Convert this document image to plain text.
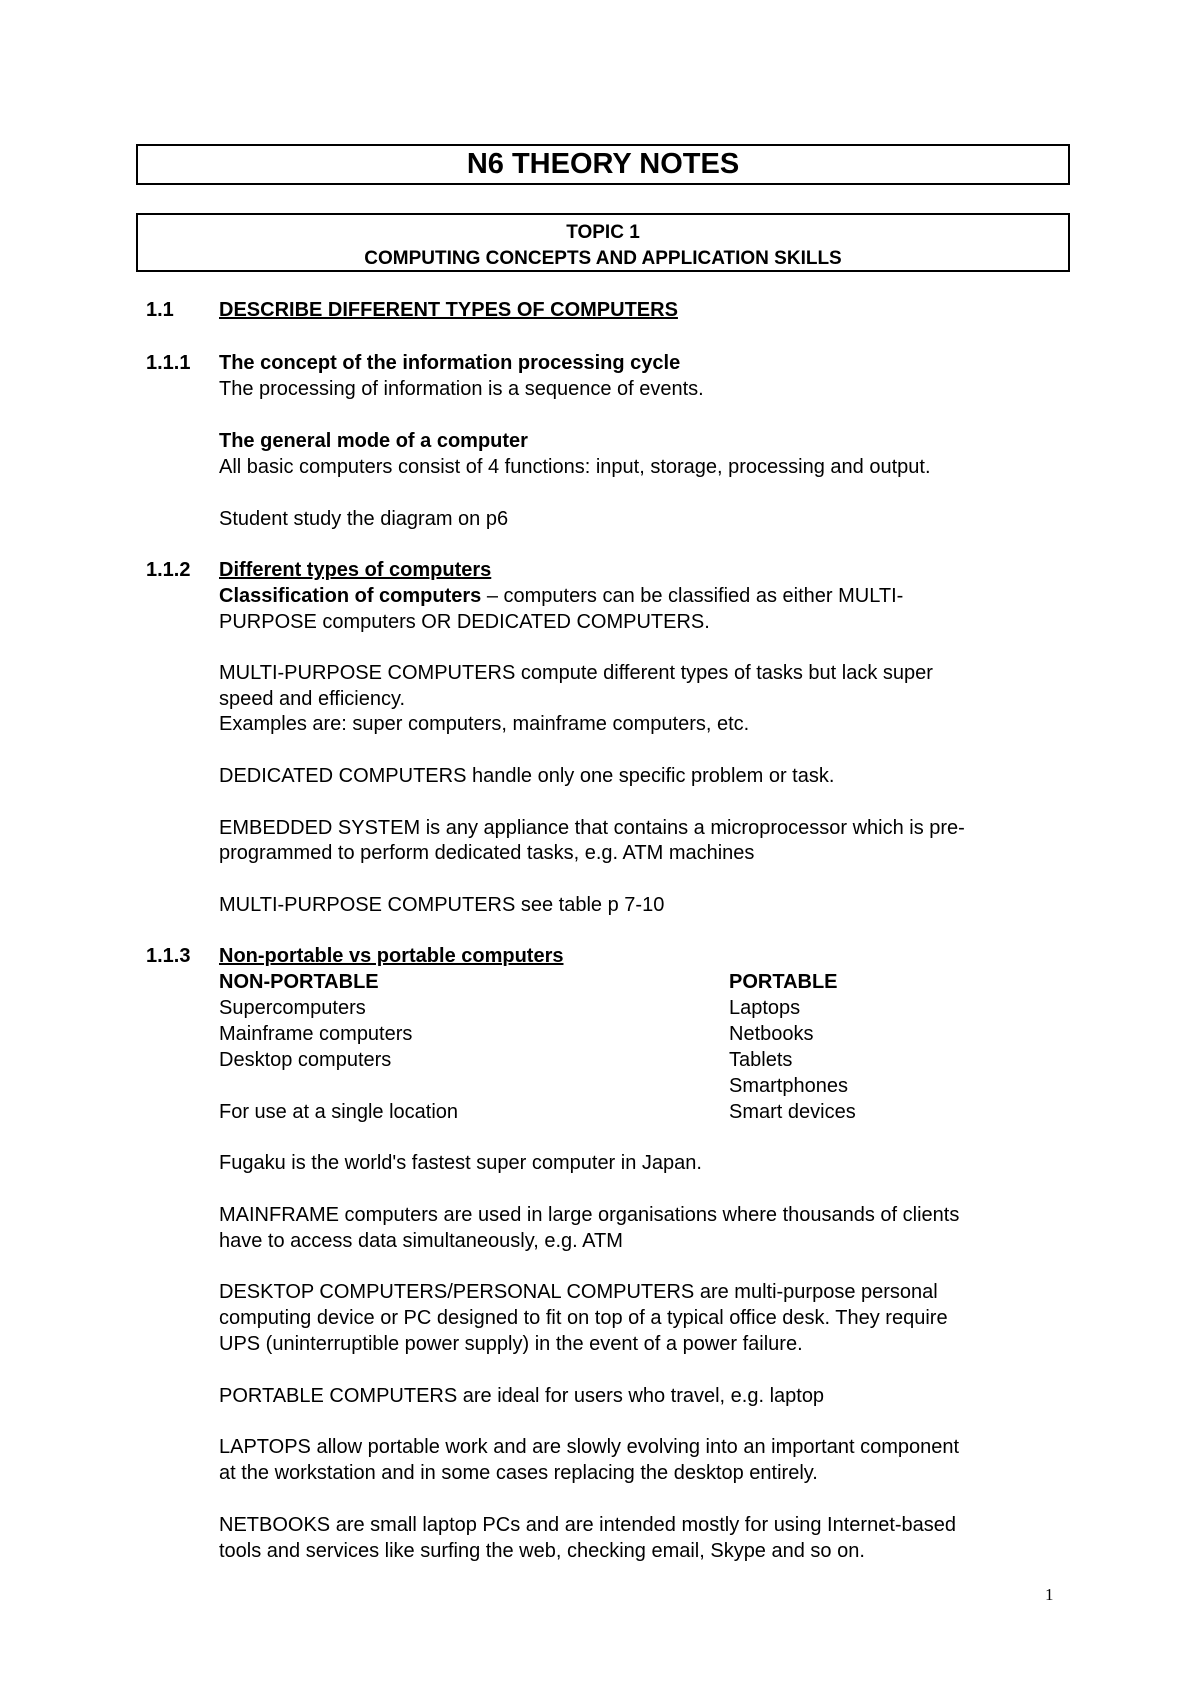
N6 THEORY NOTES
TOPIC 1
COMPUTING CONCEPTS AND APPLICATION SKILLS
1.1 DESCRIBE DIFFERENT TYPES OF COMPUTERS
1.1.1 The concept of the information processing cycle
The processing of information is a sequence of events.
The general mode of a computer
All basic computers consist of 4 functions: input, storage, processing and output.
Student study the diagram on p6
1.1.2 Different types of computers
Classification of computers – computers can be classified as either MULTI-
PURPOSE computers OR DEDICATED COMPUTERS.
MULTI-PURPOSE COMPUTERS compute different types of tasks but lack super
speed and efficiency.
Examples are: super computers, mainframe computers, etc.
DEDICATED COMPUTERS handle only one specific problem or task.
EMBEDDED SYSTEM is any appliance that contains a microprocessor which is pre-
programmed to perform dedicated tasks, e.g. ATM machines
MULTI-PURPOSE COMPUTERS see table p 7-10
1.1.3 Non-portable vs portable computers
NON-PORTABLE	PORTABLE
Supercomputers
Mainframe computers
Desktop computers
For use at a single location
Laptops
Netbooks
Tablets
Smartphones
Smart devices
Fugaku is the world's fastest super computer in Japan.
MAINFRAME computers are used in large organisations where thousands of clients
have to access data simultaneously, e.g. ATM
DESKTOP COMPUTERS/PERSONAL COMPUTERS are multi-purpose personal
computing device or PC designed to fit on top of a typical office desk. They require
UPS (uninterruptible power supply) in the event of a power failure.
PORTABLE COMPUTERS are ideal for users who travel, e.g. laptop
LAPTOPS allow portable work and are slowly evolving into an important component
at the workstation and in some cases replacing the desktop entirely.
NETBOOKS are small laptop PCs and are intended mostly for using Internet-based
tools and services like surfing the web, checking email, Skype and so on.
1
